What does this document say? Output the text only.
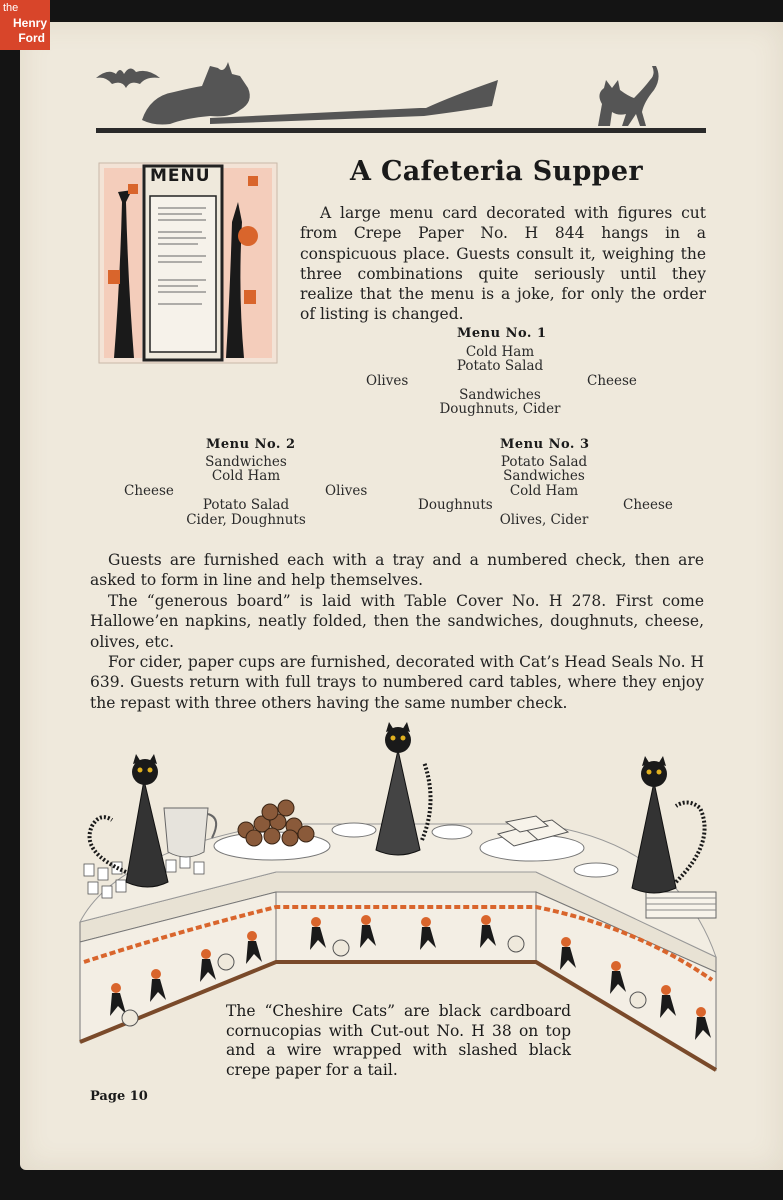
the
Henry
Ford
MENU	A Cafeteria Supper
A large menu card decorated with figures cut from Crepe Paper No. H 844 hangs in a conspicuous place. Guests consult it, weighing the three combinations quite seriously until they realize that the menu is a joke, for only the order of listing is changed.
Menu No. 1
Cold Ham
Potato Salad
Olives	Cheese
Sandwiches
Doughnuts, Cider
Menu No. 2
Sandwiches
Cold Ham
Cheese	Olives
Potato Salad
Cider, Doughnuts
Menu No. 3
Potato Salad
Sandwiches
Cold Ham
Doughnuts	Cheese
Olives, Cider
Guests are furnished each with a tray and a numbered check, then are asked to form in line and help themselves.
The “generous board” is laid with Table Cover No. H 278. First come Hallowe’en napkins, neatly folded, then the sandwiches, doughnuts, cheese, olives, etc.
For cider, paper cups are furnished, decorated with Cat’s Head Seals No. H 639. Guests return with full trays to numbered card tables, where they enjoy the repast with three others having the same number check.
The “Cheshire Cats” are black cardboard cornucopias with Cut-out No. H 38 on top and a wire wrapped with slashed black crepe paper for a tail.
Page 10
